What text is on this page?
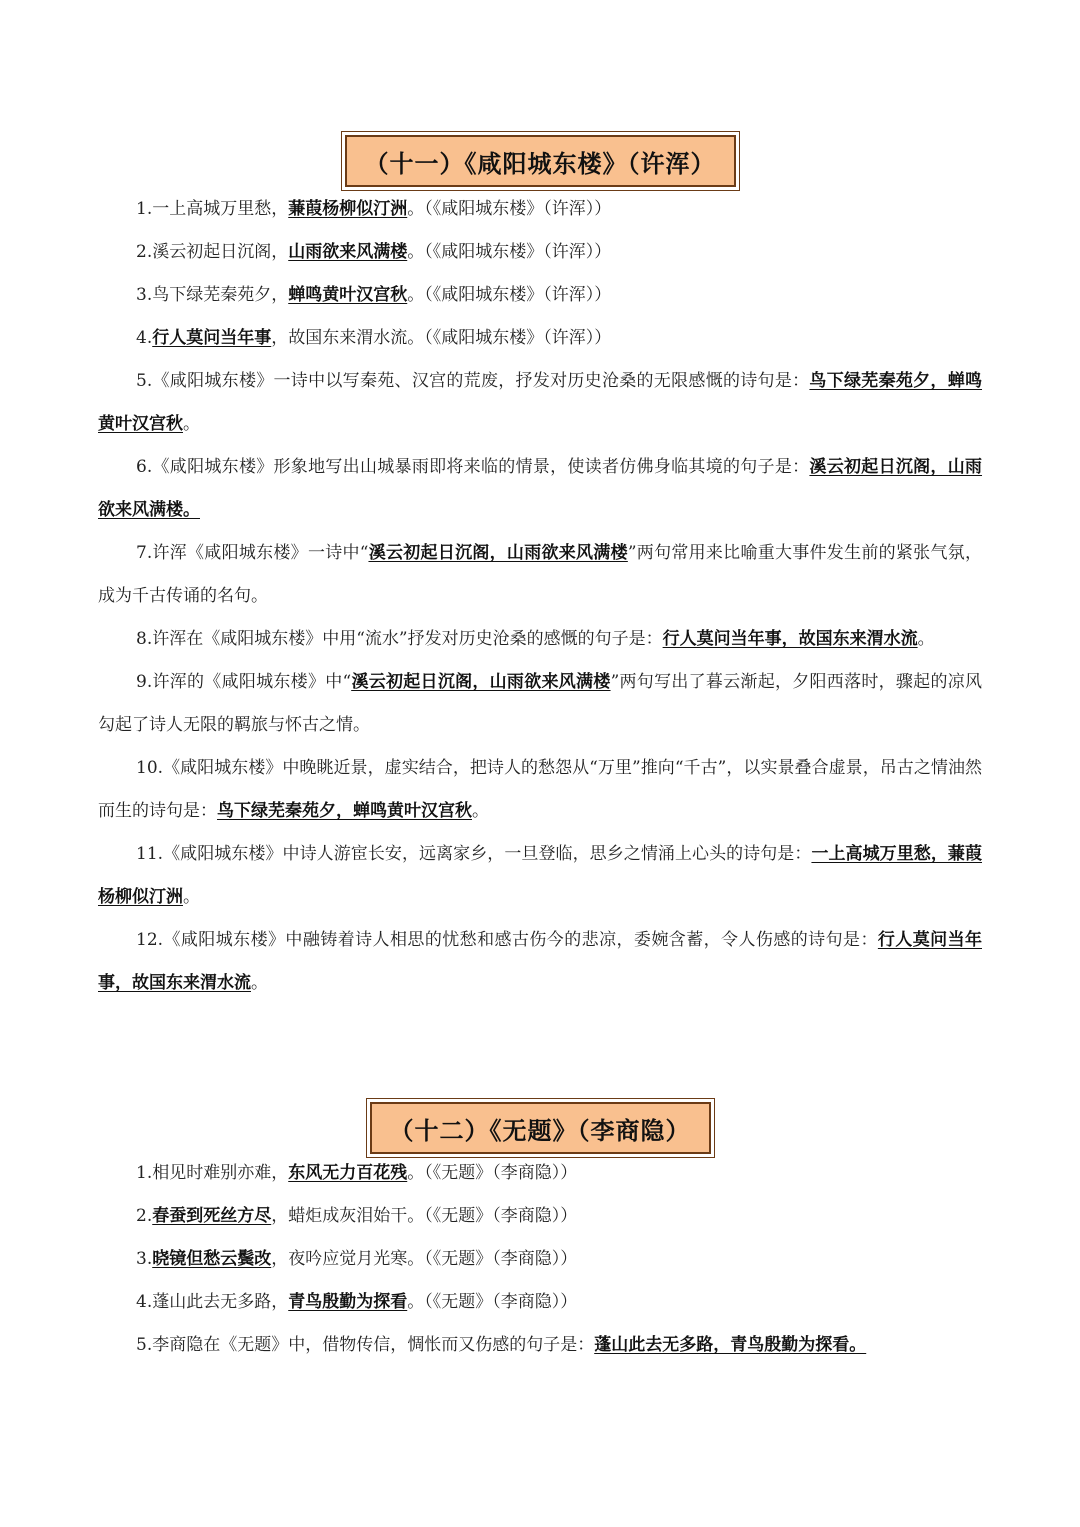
（十一）《咸阳城东楼》（许浑）

1.一上高城万里愁，蒹葭杨柳似汀洲。（《咸阳城东楼》（许浑））

2.溪云初起日沉阁，山雨欲来风满楼。（《咸阳城东楼》（许浑））

3.鸟下绿芜秦苑夕，蝉鸣黄叶汉宫秋。（《咸阳城东楼》（许浑））

4.行人莫问当年事，故国东来渭水流。（《咸阳城东楼》（许浑））

5.《咸阳城东楼》一诗中以写秦苑、汉宫的荒废，抒发对历史沧桑的无限感慨的诗句是：鸟下绿芜秦苑夕，蝉鸣黄叶汉宫秋。

6.《咸阳城东楼》形象地写出山城暴雨即将来临的情景，使读者仿佛身临其境的句子是：溪云初起日沉阁，山雨欲来风满楼。

7.许浑《咸阳城东楼》一诗中“溪云初起日沉阁，山雨欲来风满楼”两句常用来比喻重大事件发生前的紧张气氛，成为千古传诵的名句。

8.许浑在《咸阳城东楼》中用“流水”抒发对历史沧桑的感慨的句子是：行人莫问当年事，故国东来渭水流。

9.许浑的《咸阳城东楼》中“溪云初起日沉阁，山雨欲来风满楼”两句写出了暮云渐起，夕阳西落时，骤起的凉风勾起了诗人无限的羁旅与怀古之情。

10.《咸阳城东楼》中晚眺近景，虚实结合，把诗人的愁怨从“万里”推向“千古”，以实景叠合虚景，吊古之情油然而生的诗句是：鸟下绿芜秦苑夕，蝉鸣黄叶汉宫秋。

11.《咸阳城东楼》中诗人游宦长安，远离家乡，一旦登临，思乡之情涌上心头的诗句是：一上高城万里愁，蒹葭杨柳似汀洲。

12.《咸阳城东楼》中融铸着诗人相思的忧愁和感古伤今的悲凉，委婉含蓄，令人伤感的诗句是：行人莫问当年事，故国东来渭水流。

（十二）《无题》（李商隐）

1.相见时难别亦难，东风无力百花残。（《无题》（李商隐））

2.春蚕到死丝方尽，蜡炬成灰泪始干。（《无题》（李商隐））

3.晓镜但愁云鬓改，夜吟应觉月光寒。（《无题》（李商隐））

4.蓬山此去无多路，青鸟殷勤为探看。（《无题》（李商隐））

5.李商隐在《无题》中，借物传信，惆怅而又伤感的句子是：蓬山此去无多路，青鸟殷勤为探看。
